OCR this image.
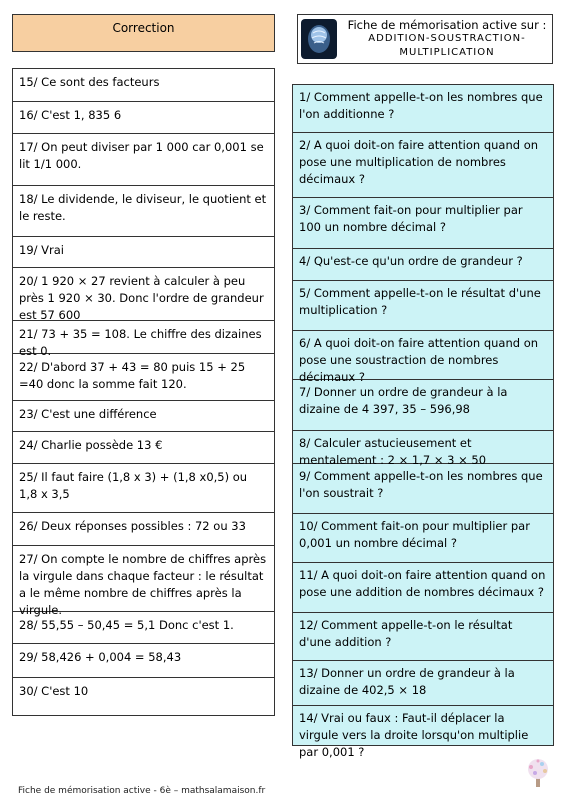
Correction	Fiche de mémorisation active sur :
ADDITION-SOUSTRACTION-
MULTIPLICATION
15/ Ce sont des facteurs
16/ C'est 1, 835 6
17/ On peut diviser par 1 000 car 0,001 se lit 1/1 000.
18/ Le dividende, le diviseur, le quotient et le reste.
19/ Vrai
20/ 1 920 × 27 revient à calculer à peu près 1 920 × 30. Donc l'ordre de grandeur est 57 600
21/ 73 + 35 = 108. Le chiffre des dizaines est 0.
22/ D'abord 37 + 43 = 80 puis 15 + 25 =40 donc la somme fait 120.
23/ C'est une différence
24/ Charlie possède 13 €
25/ Il faut faire (1,8 x 3) + (1,8 x0,5) ou 1,8 x 3,5
26/ Deux réponses possibles : 72 ou 33
27/ On compte le nombre de chiffres après la virgule dans chaque facteur : le résultat a le même nombre de chiffres après la virgule.
28/ 55,55 – 50,45 = 5,1 Donc c'est 1.
29/ 58,426 + 0,004 = 58,43
30/ C'est 10
1/ Comment appelle-t-on les nombres que l'on additionne ?
2/ A quoi doit-on faire attention quand on pose une multiplication de nombres décimaux ?
3/ Comment fait-on pour multiplier par 100 un nombre décimal ?
4/ Qu'est-ce qu'un ordre de grandeur ?
5/ Comment appelle-t-on le résultat d'une multiplication ?
6/ A quoi doit-on faire attention quand on pose une soustraction de nombres décimaux ?
7/ Donner un ordre de grandeur à la dizaine de 4 397, 35 – 596,98
8/ Calculer astucieusement et mentalement : 2 × 1,7 × 3 × 50
9/ Comment appelle-t-on les nombres que l'on soustrait ?
10/ Comment fait-on pour multiplier par 0,001 un nombre décimal ?
11/ A quoi doit-on faire attention quand on pose une addition de nombres décimaux ?
12/ Comment appelle-t-on le résultat d'une addition ?
13/ Donner un ordre de grandeur à la dizaine de 402,5 × 18
14/ Vrai ou faux : Faut-il déplacer la virgule vers la droite lorsqu'on multiplie par 0,001 ?
Fiche de mémorisation active - 6è – mathsalamaison.fr
